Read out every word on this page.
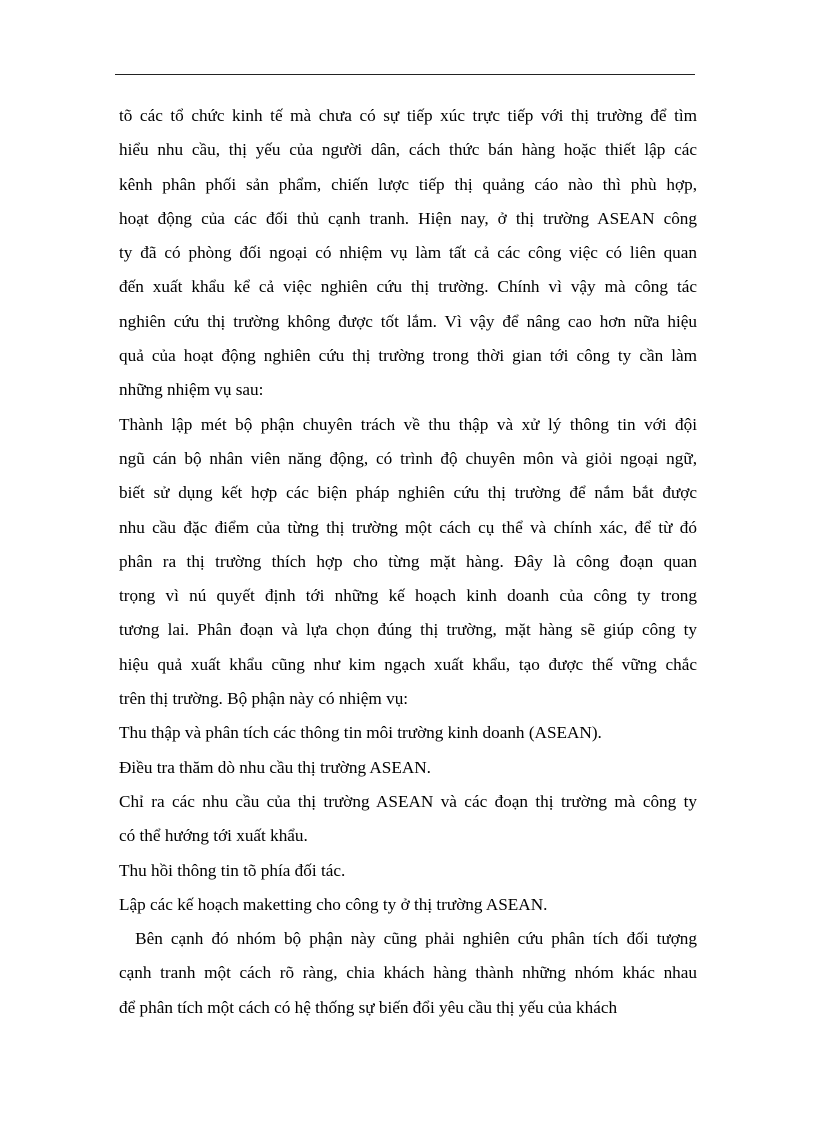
tõ các tổ chức kinh tế mà chưa có sự tiếp xúc trực tiếp với thị trường để tìm
hiểu nhu cầu, thị yếu của người dân, cách thức bán hàng hoặc thiết lập các
kênh phân phối sản phẩm, chiến lược tiếp thị quảng cáo nào thì phù hợp,
hoạt động của các đối thủ cạnh tranh. Hiện nay, ở thị trường ASEAN công
ty đã có phòng đối ngoại có nhiệm vụ làm tất cả các công việc có liên quan
đến xuất khẩu kể cả việc nghiên cứu thị trường. Chính vì vậy mà công tác
nghiên cứu thị trường không được tốt lắm. Vì vậy để nâng cao hơn nữa hiệu
quả của hoạt động nghiên cứu thị trường trong thời gian tới công ty cần làm
những nhiệm vụ sau:
Thành lập mét bộ phận chuyên trách về thu thập và xử lý thông tin với đội
ngũ cán bộ nhân viên năng động, có trình độ chuyên môn và giỏi ngoại ngữ,
biết sử dụng kết hợp các biện pháp nghiên cứu thị trường để nắm bắt được
nhu cầu đặc điểm của từng thị trường một cách cụ thể và chính xác, để từ đó
phân ra thị trường thích hợp cho từng mặt hàng. Đây là công đoạn quan
trọng vì nú quyết định tới những kế hoạch kinh doanh của công ty trong
tương lai. Phân đoạn và lựa chọn đúng thị trường, mặt hàng sẽ giúp công ty
hiệu quả xuất khẩu cũng như kim ngạch xuất khẩu, tạo được thế vững chắc
trên thị trường. Bộ phận này có nhiệm vụ:
Thu thập và phân tích các thông tin môi trường kinh doanh (ASEAN).
Điều tra thăm dò nhu cầu thị trường ASEAN.
Chỉ ra các nhu cầu của thị trường ASEAN và các đoạn thị trường mà công ty
có thể hướng tới xuất khẩu.
Thu hồi thông tin tõ phía đối tác.
Lập các kế hoạch maketting cho công ty ở thị trường ASEAN.
Bên cạnh đó nhóm bộ phận này cũng phải nghiên cứu phân tích đối tượng
cạnh tranh một cách rõ ràng, chia khách hàng thành những nhóm khác nhau
để phân tích một cách có hệ thống sự biến đổi yêu cầu thị yếu của khách
